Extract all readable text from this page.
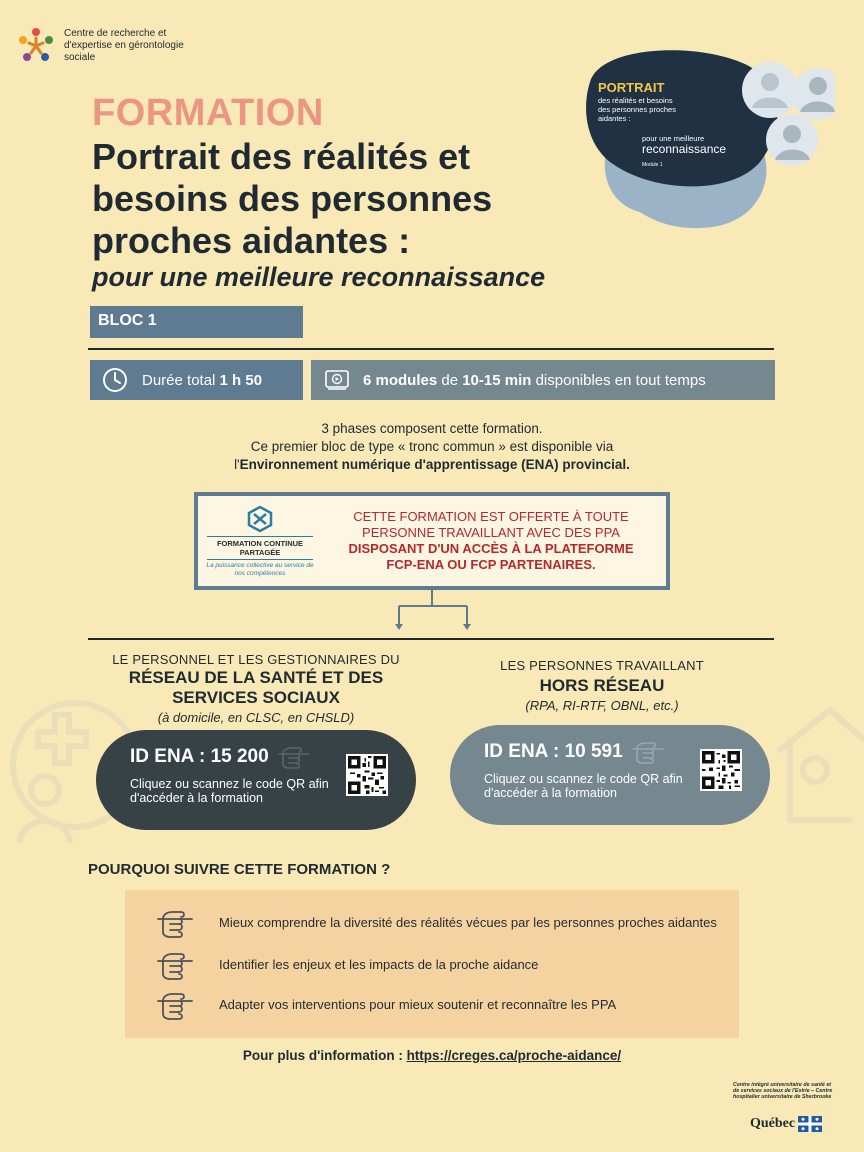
Centre de recherche et d'expertise en gérontologie sociale
PORTRAIT
des réalités et besoins
des personnes proches
aidantes :
pour une meilleure
reconnaissance
Module 1
FORMATION
Portrait des réalités et besoins des personnes proches aidantes :
pour une meilleure reconnaissance
BLOC 1
Durée total 1 h 50	6 modules de 10-15 min disponibles en tout temps
3 phases composent cette formation.
Ce premier bloc de type « tronc commun » est disponible via
l'Environnement numérique d'apprentissage (ENA) provincial.
FORMATION CONTINUE PARTAGÉE
La puissance collective au service de nos compétences
CETTE FORMATION EST OFFERTE À TOUTE
PERSONNE TRAVAILLANT AVEC DES PPA
DISPOSANT D'UN ACCÈS À LA PLATEFORME
FCP-ENA OU FCP PARTENAIRES.
LE PERSONNEL ET LES GESTIONNAIRES DU
RÉSEAU DE LA SANTÉ ET DES SERVICES SOCIAUX
(à domicile, en CLSC, en CHSLD)
ID ENA : 15 200
Cliquez ou scannez le code QR afin d'accéder à la formation
LES PERSONNES TRAVAILLANT
HORS RÉSEAU
(RPA, RI-RTF, OBNL, etc.)
ID ENA : 10 591
Cliquez ou scannez le code QR afin d'accéder à la formation
POURQUOI SUIVRE CETTE FORMATION ?
Mieux comprendre la diversité des réalités vécues par les personnes proches aidantes
Identifier les enjeux et les impacts de la proche aidance
Adapter vos interventions pour mieux soutenir et reconnaître les PPA
Pour plus d'information : https://creges.ca/proche-aidance/
Centre intégré universitaire de santé et de services sociaux de l'Estrie – Centre hospitalier universitaire de Sherbrooke
Québec
